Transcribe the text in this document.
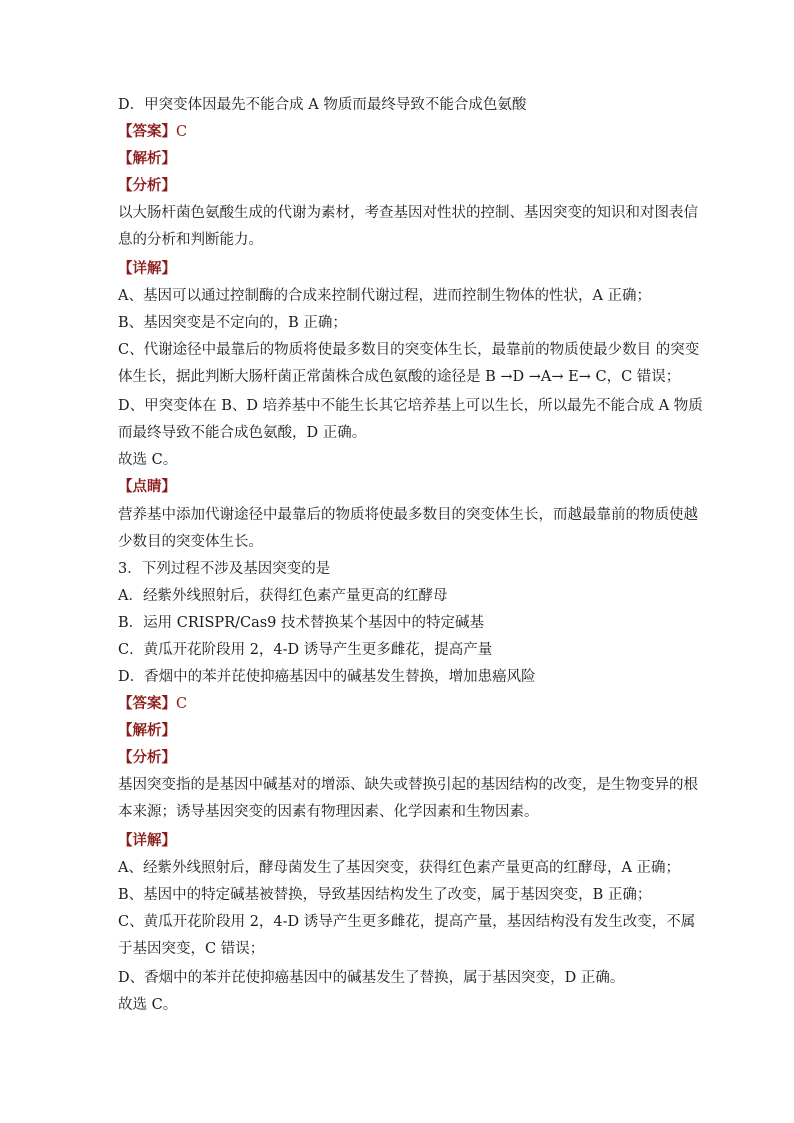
D．甲突变体因最先不能合成 A 物质而最终导致不能合成色氨酸
【答案】C
【解析】
【分析】
以大肠杆菌色氨酸生成的代谢为素材，考查基因对性状的控制、基因突变的知识和对图表信
息的分析和判断能力。
【详解】
A、基因可以通过控制酶的合成来控制代谢过程，进而控制生物体的性状，A 正确；
B、基因突变是不定向的，B 正确；
C、代谢途径中最靠后的物质将使最多数目的突变体生长，最靠前的物质使最少数目 的突变
体生长，据此判断大肠杆菌正常菌株合成色氨酸的途径是 B →D →A→ E→ C，C 错误；
D、甲突变体在 B、D 培养基中不能生长其它培养基上可以生长，所以最先不能合成 A 物质
而最终导致不能合成色氨酸，D 正确。
故选 C。
【点睛】
营养基中添加代谢途径中最靠后的物质将使最多数目的突变体生长，而越最靠前的物质使越
少数目的突变体生长。
3．下列过程不涉及基因突变的是
A．经紫外线照射后，获得红色素产量更高的红酵母
B．运用 CRISPR/Cas9 技术替换某个基因中的特定碱基
C．黄瓜开花阶段用 2，4-D 诱导产生更多雌花，提高产量
D．香烟中的苯并芘使抑癌基因中的碱基发生替换，增加患癌风险
【答案】C
【解析】
【分析】
基因突变指的是基因中碱基对的增添、缺失或替换引起的基因结构的改变，是生物变异的根
本来源；诱导基因突变的因素有物理因素、化学因素和生物因素。
【详解】
A、经紫外线照射后，酵母菌发生了基因突变，获得红色素产量更高的红酵母，A 正确；
B、基因中的特定碱基被替换，导致基因结构发生了改变，属于基因突变，B 正确；
C、黄瓜开花阶段用 2，4-D 诱导产生更多雌花，提高产量，基因结构没有发生改变，不属
于基因突变，C 错误；
D、香烟中的苯并芘使抑癌基因中的碱基发生了替换，属于基因突变，D 正确。
故选 C。
